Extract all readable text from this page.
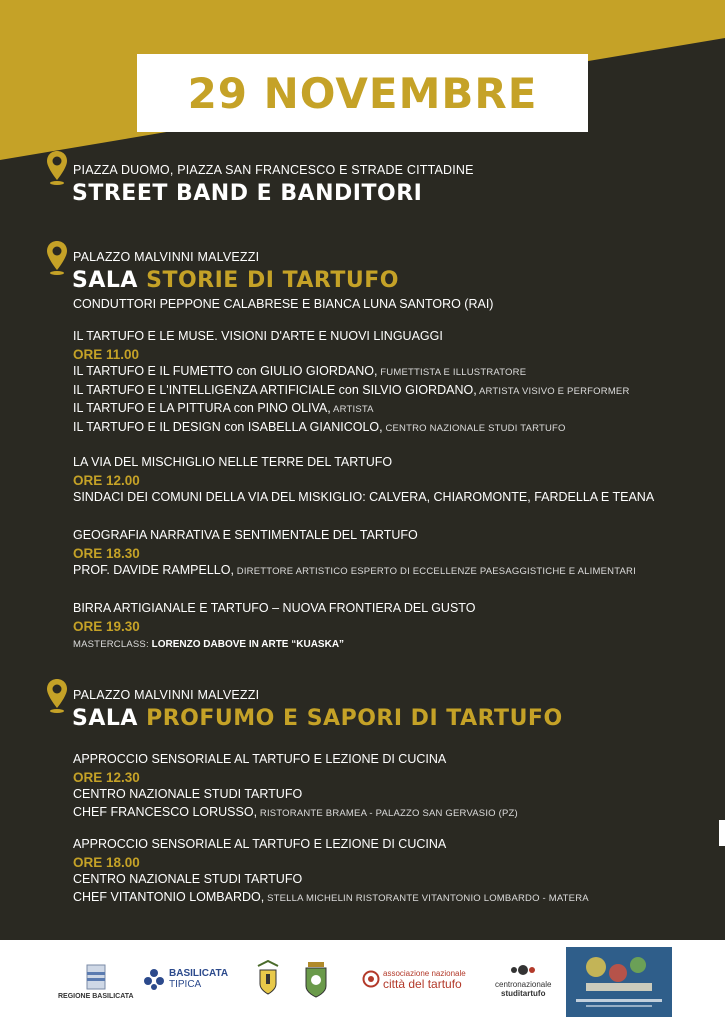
29 NOVEMBRE
PIAZZA DUOMO, PIAZZA SAN FRANCESCO E STRADE CITTADINE
STREET BAND E BANDITORI
PALAZZO MALVINNI MALVEZZI
SALA STORIE DI TARTUFO
CONDUTTORI PEPPONE CALABRESE E BIANCA LUNA SANTORO (RAI)
IL TARTUFO E LE MUSE. VISIONI D'ARTE E NUOVI LINGUAGGI
ORE 11.00
IL TARTUFO E IL FUMETTO con GIULIO GIORDANO, FUMETTISTA E ILLUSTRATORE
IL TARTUFO E L'INTELLIGENZA ARTIFICIALE con SILVIO GIORDANO, ARTISTA VISIVO E PERFORMER
IL TARTUFO E LA PITTURA con PINO OLIVA, ARTISTA
IL TARTUFO E IL DESIGN con ISABELLA GIANICOLO, CENTRO NAZIONALE STUDI TARTUFO
LA VIA DEL MISCHIGLIO NELLE TERRE DEL TARTUFO
ORE 12.00
SINDACI DEI COMUNI DELLA VIA DEL MISKIGLIO: CALVERA, CHIAROMONTE, FARDELLA E TEANA
GEOGRAFIA NARRATIVA E SENTIMENTALE DEL TARTUFO
ORE 18.30
PROF. DAVIDE RAMPELLO, DIRETTORE ARTISTICO ESPERTO DI ECCELLENZE PAESAGGISTICHE E ALIMENTARI
BIRRA ARTIGIANALE E TARTUFO – NUOVA FRONTIERA DEL GUSTO
ORE 19.30
MASTERCLASS: LORENZO DABOVE IN ARTE “KUASKA”
PALAZZO MALVINNI MALVEZZI
SALA PROFUMO E SAPORI DI TARTUFO
APPROCCIO SENSORIALE AL TARTUFO E LEZIONE DI CUCINA
ORE 12.30
CENTRO NAZIONALE STUDI TARTUFO
CHEF FRANCESCO LORUSSO, RISTORANTE BRAMEA - PALAZZO SAN GERVASIO (PZ)
APPROCCIO SENSORIALE AL TARTUFO E LEZIONE DI CUCINA
ORE 18.00
CENTRO NAZIONALE STUDI TARTUFO
CHEF VITANTONIO LOMBARDO, STELLA MICHELIN RISTORANTE VITANTONIO LOMBARDO - MATERA
REGIONE BASILICATA
BASILICATA
TIPICA
associazione nazionale
città del tartufo	centronazionale
studitartufo
